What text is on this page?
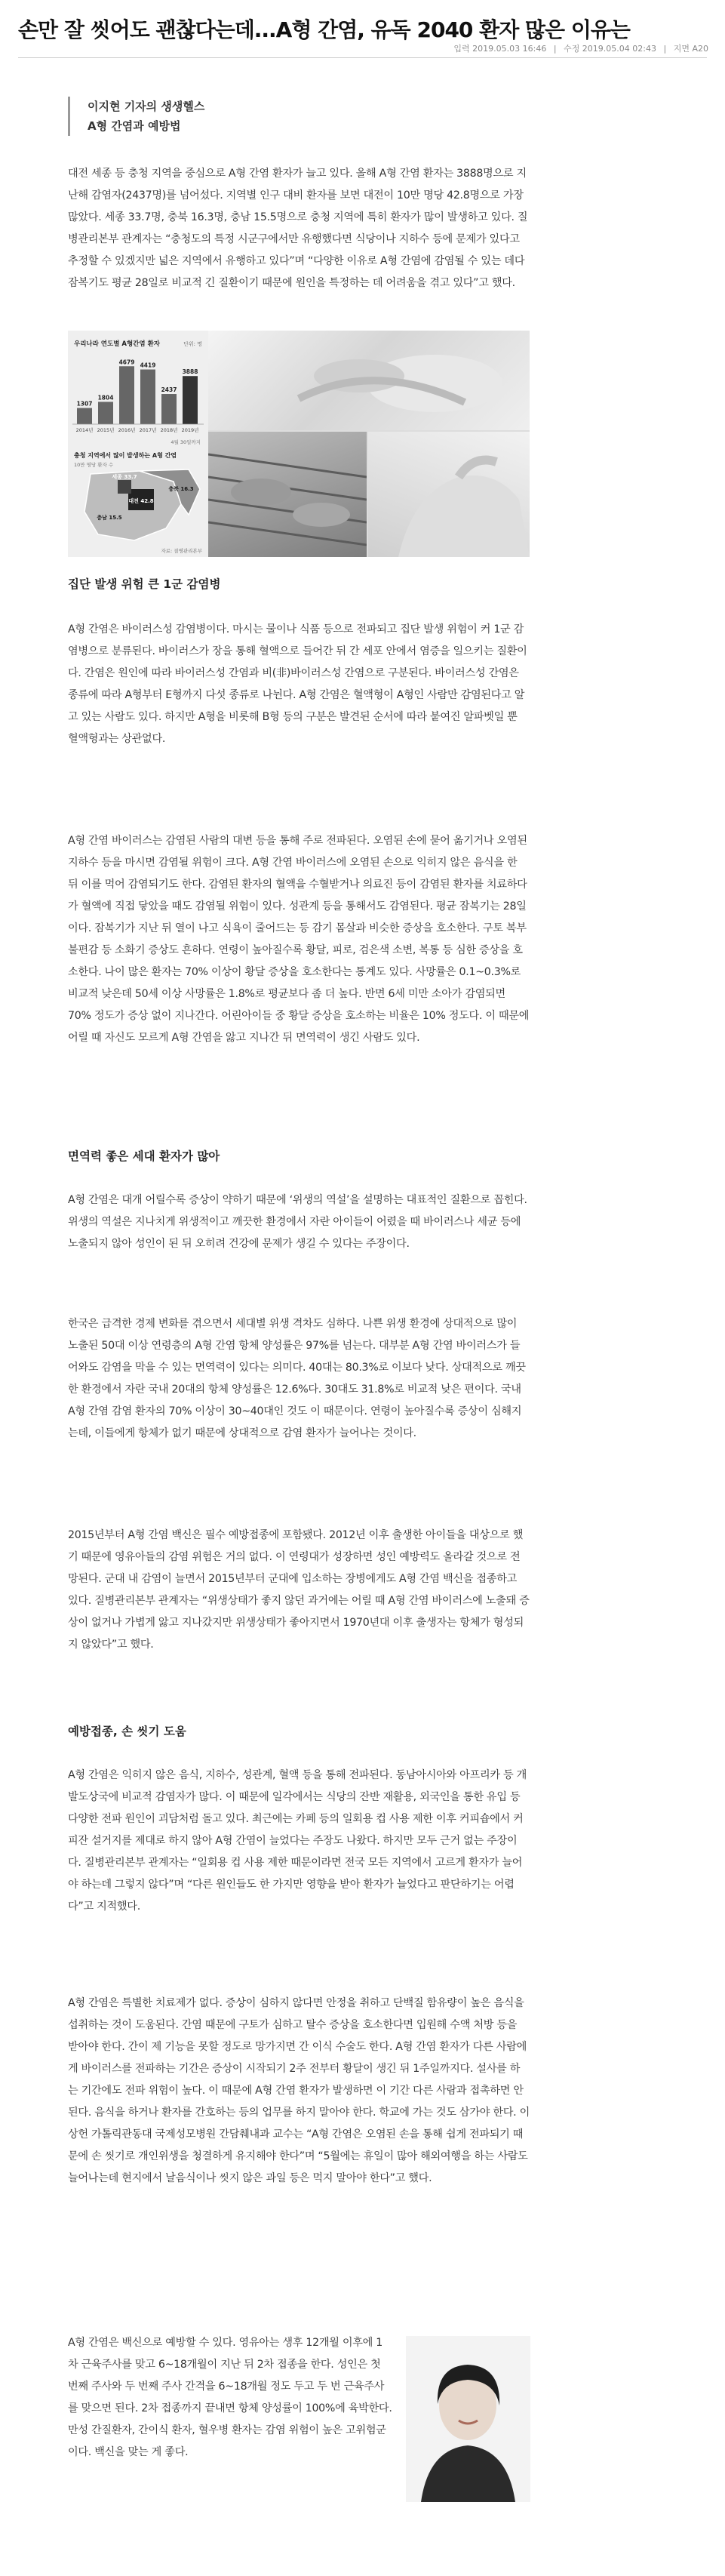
손만 잘 씻어도 괜찮다는데...A형 간염, 유독 2040 환자 많은 이유는
입력 2019.05.03 16:46 | 수정 2019.05.04 02:43 | 지면 A20
이지현 기자의 생생헬스
A형 간염과 예방법

대전 세종 등 충청 지역을 중심으로 A형 간염 환자가 늘고 있다. 올해 A형 간염 환자는 3888명으로 지난해 감염자(2437명)를 넘어섰다. 지역별 인구 대비 환자를 보면 대전이 10만 명당 42.8명으로 가장 많았다. 세종 33.7명, 충북 16.3명, 충남 15.5명으로 충청 지역에 특히 환자가 많이 발생하고 있다. 질병관리본부 관계자는 “충청도의 특정 시군구에서만 유행했다면 식당이나 지하수 등에 문제가 있다고 추정할 수 있겠지만 넓은 지역에서 유행하고 있다”며 “다양한 이유로 A형 간염에 감염될 수 있는 데다 잠복기도 평균 28일로 비교적 긴 질환이기 때문에 원인을 특정하는 데 어려움을 겪고 있다”고 했다.

우리나라 연도별 A형간염 환자	단위: 명
1307
1804
4679 4419
2437
3888
2014년 2015년 2016년 2017년 2018년 2019년
4월 30일까지
충청 지역에서 많이 발생하는 A형 간염
10만 명당 환자 수
세종 33.7
대전 42.8
충북 16.3
충남 15.5
자료: 질병관리본부
집단 발생 위험 큰 1군 감염병

A형 간염은 바이러스성 감염병이다. 마시는 물이나 식품 등으로 전파되고 집단 발생 위험이 커 1군 감염병으로 분류된다. 바이러스가 장을 통해 혈액으로 들어간 뒤 간 세포 안에서 염증을 일으키는 질환이다. 간염은 원인에 따라 바이러스성 간염과 비(非)바이러스성 간염으로 구분된다. 바이러스성 간염은 종류에 따라 A형부터 E형까지 다섯 종류로 나뉜다. A형 간염은 혈액형이 A형인 사람만 감염된다고 알고 있는 사람도 있다. 하지만 A형을 비롯해 B형 등의 구분은 발견된 순서에 따라 붙여진 알파벳일 뿐 혈액형과는 상관없다.

A형 간염 바이러스는 감염된 사람의 대변 등을 통해 주로 전파된다. 오염된 손에 묻어 옮기거나 오염된 지하수 등을 마시면 감염될 위험이 크다. A형 간염 바이러스에 오염된 손으로 익히지 않은 음식을 한 뒤 이를 먹어 감염되기도 한다. 감염된 환자의 혈액을 수혈받거나 의료진 등이 감염된 환자를 치료하다가 혈액에 직접 닿았을 때도 감염될 위험이 있다. 성관계 등을 통해서도 감염된다. 평균 잠복기는 28일이다. 잠복기가 지난 뒤 열이 나고 식욕이 줄어드는 등 감기 몸살과 비슷한 증상을 호소한다. 구토 복부불편감 등 소화기 증상도 흔하다. 연령이 높아질수록 황달, 피로, 검은색 소변, 복통 등 심한 증상을 호소한다. 나이 많은 환자는 70% 이상이 황달 증상을 호소한다는 통계도 있다. 사망률은 0.1~0.3%로 비교적 낮은데 50세 이상 사망률은 1.8%로 평균보다 좀 더 높다. 반면 6세 미만 소아가 감염되면 70% 정도가 증상 없이 지나간다. 어린아이들 중 황달 증상을 호소하는 비율은 10% 정도다. 이 때문에 어릴 때 자신도 모르게 A형 간염을 앓고 지나간 뒤 면역력이 생긴 사람도 있다.

면역력 좋은 세대 환자가 많아

A형 간염은 대개 어릴수록 증상이 약하기 때문에 ‘위생의 역설’을 설명하는 대표적인 질환으로 꼽힌다. 위생의 역설은 지나치게 위생적이고 깨끗한 환경에서 자란 아이들이 어렸을 때 바이러스나 세균 등에 노출되지 않아 성인이 된 뒤 오히려 건강에 문제가 생길 수 있다는 주장이다.

한국은 급격한 경제 변화를 겪으면서 세대별 위생 격차도 심하다. 나쁜 위생 환경에 상대적으로 많이 노출된 50대 이상 연령층의 A형 간염 항체 양성률은 97%를 넘는다. 대부분 A형 간염 바이러스가 들어와도 감염을 막을 수 있는 면역력이 있다는 의미다. 40대는 80.3%로 이보다 낮다. 상대적으로 깨끗한 환경에서 자란 국내 20대의 항체 양성률은 12.6%다. 30대도 31.8%로 비교적 낮은 편이다. 국내 A형 간염 감염 환자의 70% 이상이 30~40대인 것도 이 때문이다. 연령이 높아질수록 증상이 심해지는데, 이들에게 항체가 없기 때문에 상대적으로 감염 환자가 늘어나는 것이다.

2015년부터 A형 간염 백신은 필수 예방접종에 포함됐다. 2012년 이후 출생한 아이들을 대상으로 했기 때문에 영유아들의 감염 위험은 거의 없다. 이 연령대가 성장하면 성인 예방력도 올라갈 것으로 전망된다. 군대 내 감염이 늘면서 2015년부터 군대에 입소하는 장병에게도 A형 간염 백신을 접종하고 있다. 질병관리본부 관계자는 “위생상태가 좋지 않던 과거에는 어릴 때 A형 간염 바이러스에 노출돼 증상이 없거나 가볍게 앓고 지나갔지만 위생상태가 좋아지면서 1970년대 이후 출생자는 항체가 형성되지 않았다”고 했다.

예방접종, 손 씻기 도움

A형 간염은 익히지 않은 음식, 지하수, 성관계, 혈액 등을 통해 전파된다. 동남아시아와 아프리카 등 개발도상국에 비교적 감염자가 많다. 이 때문에 일각에서는 식당의 잔반 재활용, 외국인을 통한 유입 등 다양한 전파 원인이 괴담처럼 돌고 있다. 최근에는 카페 등의 일회용 컵 사용 제한 이후 커피숍에서 커피잔 설거지를 제대로 하지 않아 A형 간염이 늘었다는 주장도 나왔다. 하지만 모두 근거 없는 주장이다. 질병관리본부 관계자는 “일회용 컵 사용 제한 때문이라면 전국 모든 지역에서 고르게 환자가 늘어야 하는데 그렇지 않다”며 “다른 원인들도 한 가지만 영향을 받아 환자가 늘었다고 판단하기는 어렵다”고 지적했다.

A형 간염은 특별한 치료제가 없다. 증상이 심하지 않다면 안정을 취하고 단백질 함유량이 높은 음식을 섭취하는 것이 도움된다. 간염 때문에 구토가 심하고 탈수 증상을 호소한다면 입원해 수액 처방 등을 받아야 한다. 간이 제 기능을 못할 정도로 망가지면 간 이식 수술도 한다. A형 간염 환자가 다른 사람에게 바이러스를 전파하는 기간은 증상이 시작되기 2주 전부터 황달이 생긴 뒤 1주일까지다. 설사를 하는 기간에도 전파 위험이 높다. 이 때문에 A형 간염 환자가 발생하면 이 기간 다른 사람과 접촉하면 안 된다. 음식을 하거나 환자를 간호하는 등의 업무를 하지 말아야 한다. 학교에 가는 것도 삼가야 한다. 이상헌 가톨릭관동대 국제성모병원 간담췌내과 교수는 “A형 간염은 오염된 손을 통해 쉽게 전파되기 때문에 손 씻기로 개인위생을 청결하게 유지해야 한다”며 “5월에는 휴일이 많아 해외여행을 하는 사람도 늘어나는데 현지에서 날음식이나 씻지 않은 과일 등은 먹지 말아야 한다”고 했다.

A형 간염은 백신으로 예방할 수 있다. 영유아는 생후 12개월 이후에 1차 근육주사를 맞고 6~18개월이 지난 뒤 2차 접종을 한다. 성인은 첫 번째 주사와 두 번째 주사 간격을 6~18개월 정도 두고 두 번 근육주사를 맞으면 된다. 2차 접종까지 끝내면 항체 양성률이 100%에 육박한다. 만성 간질환자, 간이식 환자, 혈우병 환자는 감염 위험이 높은 고위험군이다. 백신을 맞는 게 좋다.
